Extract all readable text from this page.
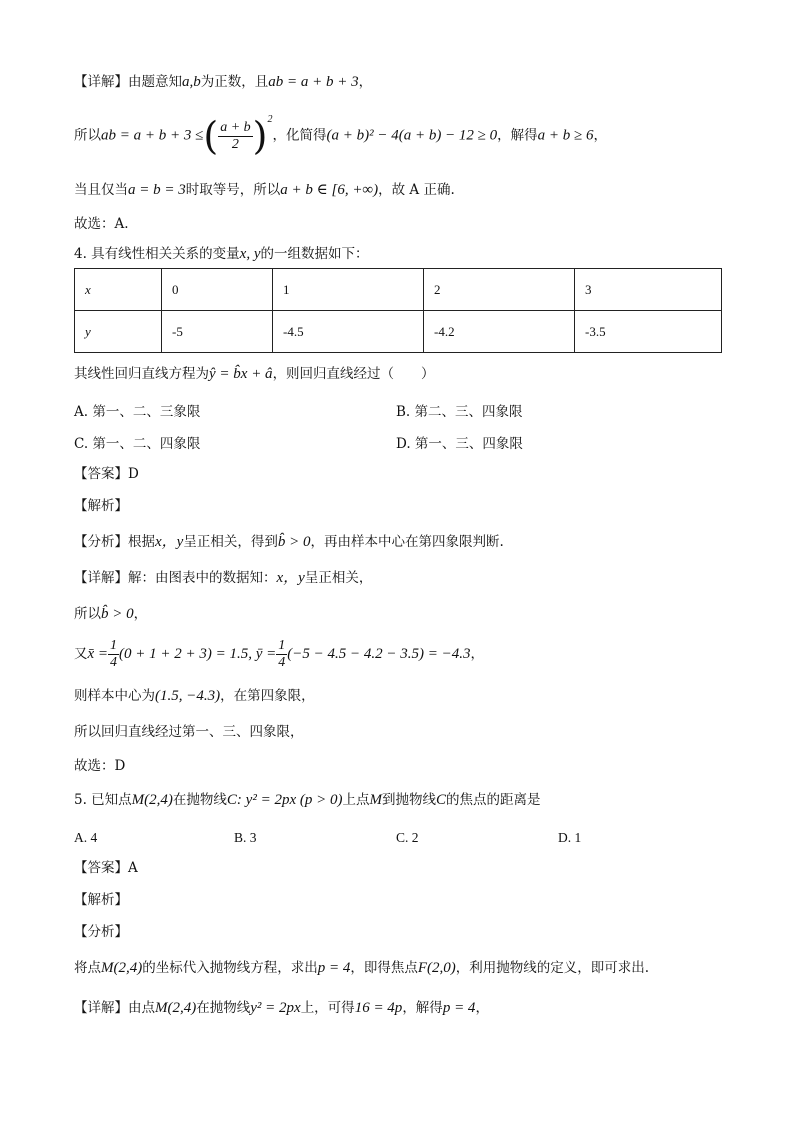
【详解】由题意知a,b为正数，且ab = a + b + 3，
所以ab = a + b + 3 ≤( $\frac{a + b}{2} )^2$，化简得(a + b)² − 4(a + b) − 12 ≥ 0，解得a + b ≥ 6，
当且仅当a = b = 3时取等号，所以a + b ∈ [6, +∞)，故 A 正确.
故选：A.
4. 具有线性相关关系的变量x, y的一组数据如下：
x	0	1	2	3
y	-5	-4.5	-4.2	-3.5
其线性回归直线方程为ŷ = b̂x + â，则回归直线经过（　　）
A. 第一、二、三象限	B. 第二、三、四象限
C. 第一、二、四象限	D. 第一、三、四象限
【答案】D
【解析】
【分析】根据x，y呈正相关，得到b̂ > 0，再由样本中心在第四象限判断.
【详解】解：由图表中的数据知：x，y呈正相关，
所以b̂ > 0，
又x̄ = $\frac{1}{4} (0 + 1 + 2 + 3) = 1.5$, ȳ = $\frac{1}{4} (-5 - 4.5 - 4.2 - 3.5) = -4.3$，
则样本中心为(1.5, −4.3)，在第四象限，
所以回归直线经过第一、三、四象限，
故选：D
5. 已知点M(2,4)在抛物线C: y² = 2px (p > 0)上点M到抛物线C的焦点的距离是
A. 4	B. 3	C. 2	D. 1
【答案】A
【解析】
【分析】
将点M(2,4)的坐标代入抛物线方程，求出p = 4，即得焦点F(2,0)，利用抛物线的定义，即可求出.
【详解】由点M(2,4)在抛物线y² = 2px上，可得16 = 4p，解得p = 4，
